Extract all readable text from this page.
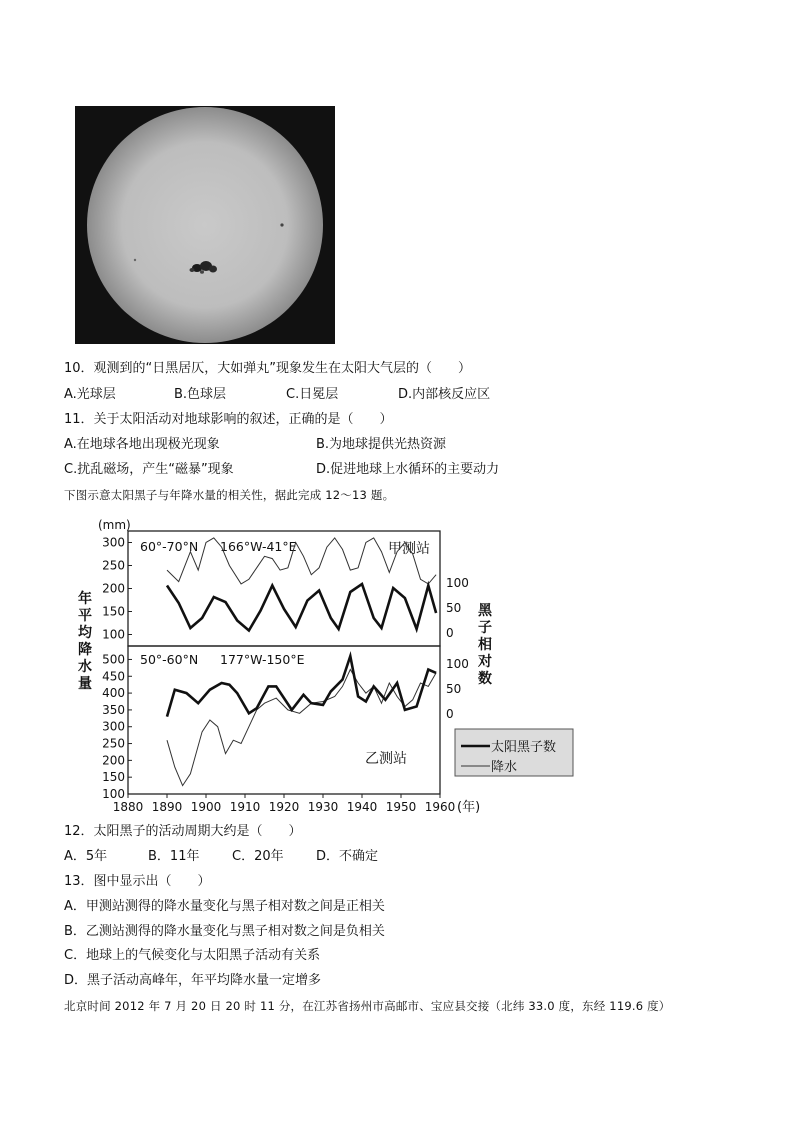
10．观测到的“日黑居仄，大如弹丸”现象发生在太阳大气层的（　　）
A.光球层	B.色球层	C.日冕层	D.内部核反应区
11．关于太阳活动对地球影响的叙述，正确的是（　　）
A.在地球各地出现极光现象	B.为地球提供光热资源
C.扰乱磁场，产生“磁暴”现象	D.促进地球上水循环的主要动力
下图示意太阳黑子与年降水量的相关性，据此完成 12～13 题。
(mm)
年平均降水量
黑子相对数
60°-70°N 166°W-41°E	甲测站
50°-60°N 177°W-150°E
乙测站
300
250
200
150
100
100
50
0
500
450
400
350
300
250
200
150
100
100
50
0
1880 1890 1900 1910 1920 1930 1940 1950 1960
太阳黑子数
降水
(年)
12．太阳黑子的活动周期大约是（　　）
A．5年	B．11年	C．20年 D．不确定
13．图中显示出（　　）
A．甲测站测得的降水量变化与黑子相对数之间是正相关
B．乙测站测得的降水量变化与黑子相对数之间是负相关
C．地球上的气候变化与太阳黑子活动有关系
D．黑子活动高峰年，年平均降水量一定增多
北京时间 2012 年 7 月 20 日 20 时 11 分，在江苏省扬州市高邮市、宝应县交接（北纬 33.0 度，东经 119.6 度）
